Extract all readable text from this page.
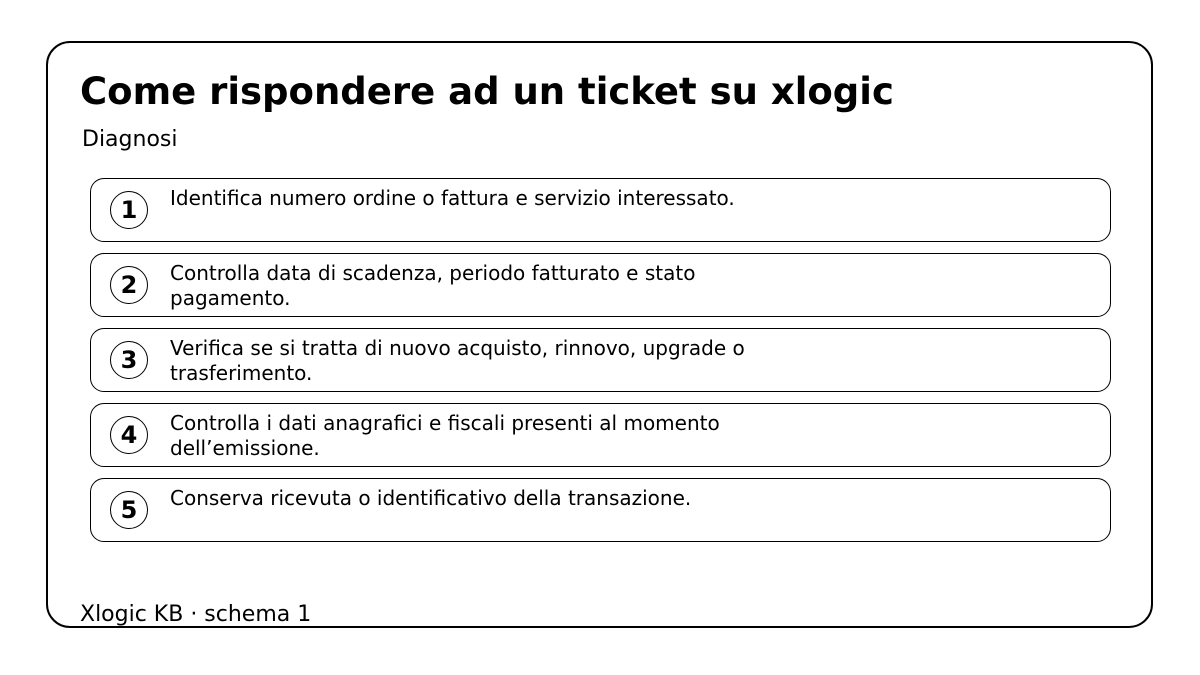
Come rispondere ad un ticket su xlogic
Diagnosi
1	Identifica numero ordine o fattura e servizio interessato.
2	Controlla data di scadenza, periodo fatturato e stato pagamento.
3	Verifica se si tratta di nuovo acquisto, rinnovo, upgrade o trasferimento.
4	Controlla i dati anagrafici e fiscali presenti al momento dell’emissione.
5	Conserva ricevuta o identificativo della transazione.
Xlogic KB · schema 1
